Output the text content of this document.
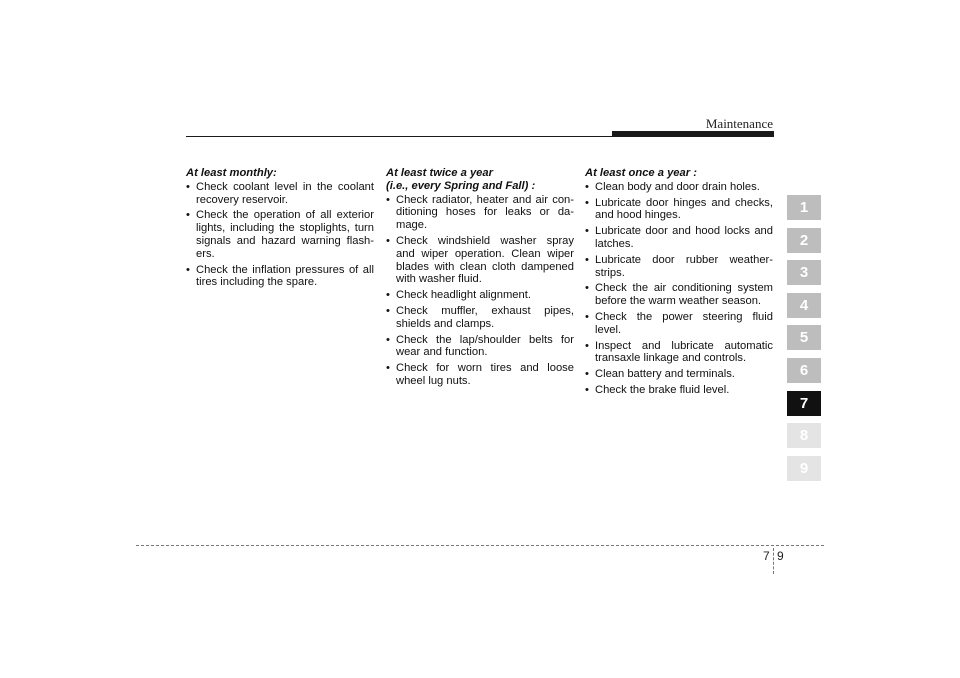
Maintenance
At least monthly:
• Check coolant level in the coolant recovery reservoir.
• Check the operation of all exterior lights, including the stoplights, turn signals and hazard warning flash-ers.
• Check the inflation pressures of all tires including the spare.
At least twice a year
(i.e., every Spring and Fall) :
• Check radiator, heater and air con-ditioning hoses for leaks or da-mage.
• Check windshield washer spray and wiper operation. Clean wiper blades with clean cloth dampened with washer fluid.
• Check headlight alignment.
• Check muffler, exhaust pipes, shields and clamps.
• Check the lap/shoulder belts for wear and function.
• Check for worn tires and loose wheel lug nuts.
At least once a year :
• Clean body and door drain holes.
• Lubricate door hinges and checks, and hood hinges.
• Lubricate door and hood locks and latches.
• Lubricate door rubber weather-strips.
• Check the air conditioning system before the warm weather season.
• Check the power steering fluid level.
• Inspect and lubricate automatic transaxle linkage and controls.
• Clean battery and terminals.
• Check the brake fluid level.
1
2
3
4
5
6
7
8
9
7 9
